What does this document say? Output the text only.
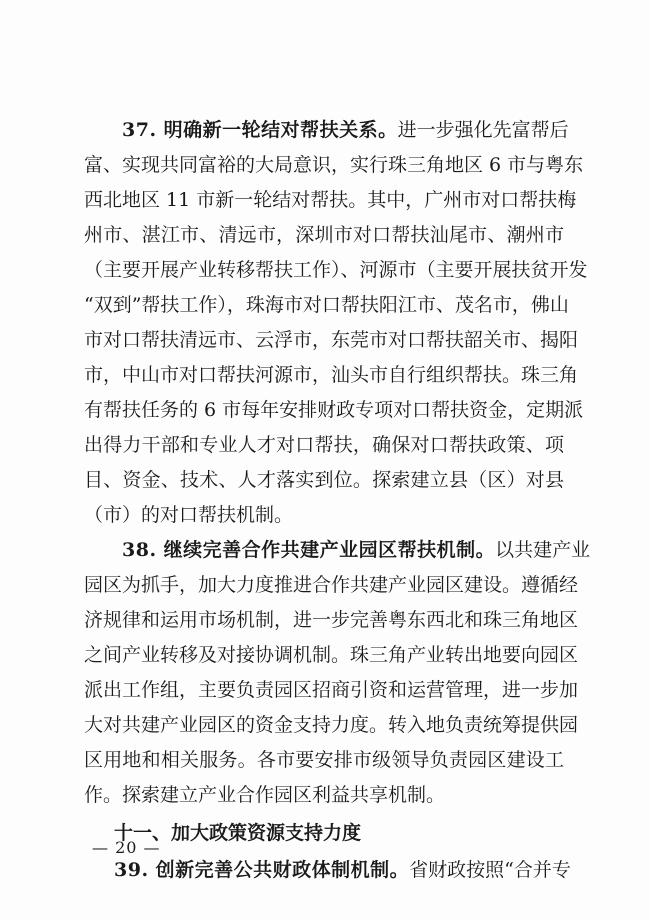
37. 明确新一轮结对帮扶关系。进一步强化先富帮后
富、实现共同富裕的大局意识，实行珠三角地区 6 市与粤东
西北地区 11 市新一轮结对帮扶。其中，广州市对口帮扶梅
州市、湛江市、清远市，深圳市对口帮扶汕尾市、潮州市
（主要开展产业转移帮扶工作）、河源市（主要开展扶贫开发
“双到”帮扶工作），珠海市对口帮扶阳江市、茂名市，佛山
市对口帮扶清远市、云浮市，东莞市对口帮扶韶关市、揭阳
市，中山市对口帮扶河源市，汕头市自行组织帮扶。珠三角
有帮扶任务的 6 市每年安排财政专项对口帮扶资金，定期派
出得力干部和专业人才对口帮扶，确保对口帮扶政策、项
目、资金、技术、人才落实到位。探索建立县（区）对县
（市）的对口帮扶机制。
38. 继续完善合作共建产业园区帮扶机制。以共建产业
园区为抓手，加大力度推进合作共建产业园区建设。遵循经
济规律和运用市场机制，进一步完善粤东西北和珠三角地区
之间产业转移及对接协调机制。珠三角产业转出地要向园区
派出工作组，主要负责园区招商引资和运营管理，进一步加
大对共建产业园区的资金支持力度。转入地负责统筹提供园
区用地和相关服务。各市要安排市级领导负责园区建设工
作。探索建立产业合作园区利益共享机制。
十一、加大政策资源支持力度
39. 创新完善公共财政体制机制。省财政按照“合并专
— 20 —
